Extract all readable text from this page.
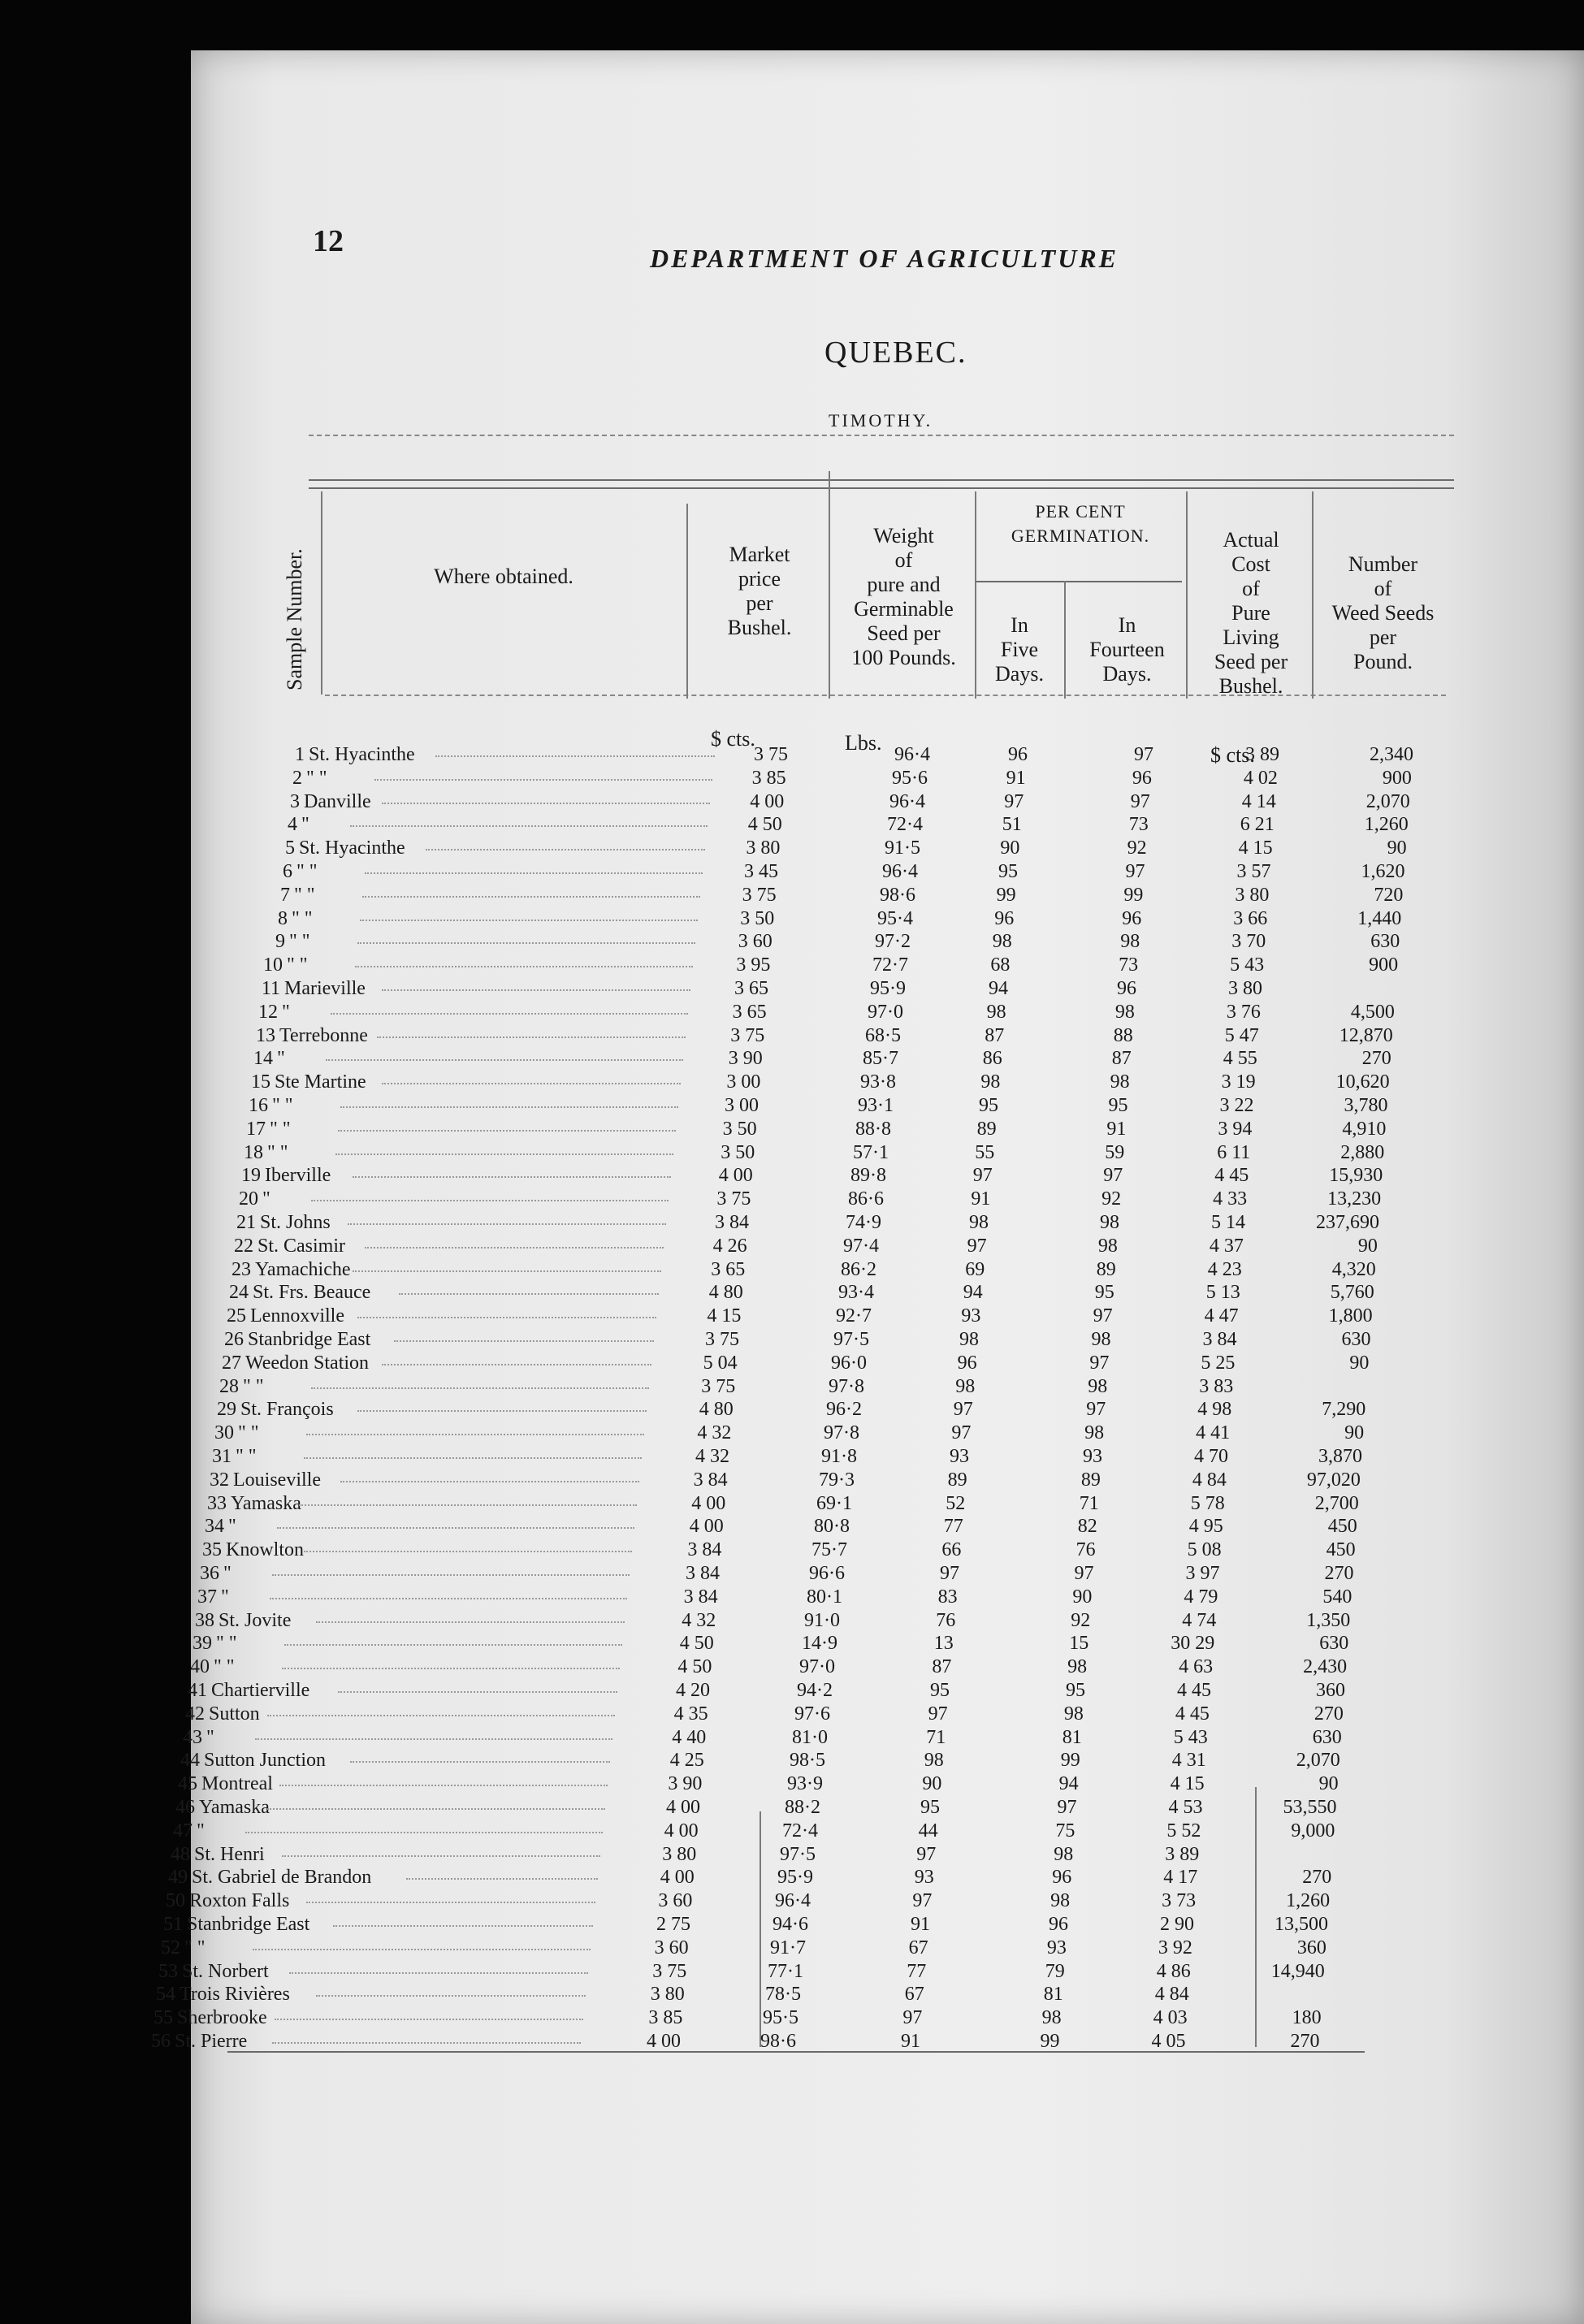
12	DEPARTMENT OF AGRICULTURE
QUEBEC.
TIMOTHY.
Sample Number.	Where obtained.
Market
price
per
Bushel.
Weight
of
pure and
Germinable
Seed per
100 Pounds.
PER CENT
GERMINATION.
In
Five
Days.
In
Fourteen
Days.
Actual
Cost
of
Pure
Living
Seed per
Bushel.
Number
of
Weed Seeds
per
Pound.
$ cts.	Lbs.
$ cts.
1 St. Hyacinthe	3 75	96·4	96	97	3 89	2,340
2 " "	3 85	95·6	91	96	4 02	900
3 Danville	4 00	96·4	97	97	4 14	2,070
4 "	4 50	72·4	51	73	6 21	1,260
5 St. Hyacinthe	3 80	91·5	90	92	4 15	90
6 " "	3 45	96·4	95	97	3 57	1,620
7 " "	3 75	98·6	99	99	3 80	720
8 " "	3 50	95·4	96	96	3 66	1,440
9 " "	3 60	97·2	98	98	3 70	630
10 " "	3 95	72·7	68	73	5 43	900
11 Marieville	3 65	95·9	94	96	3 80
12 "	3 65	97·0	98	98	3 76	4,500
13 Terrebonne	3 75	68·5	87	88	5 47	12,870
14 "	3 90	85·7	86	87	4 55	270
15 Ste Martine	3 00	93·8	98	98	3 19	10,620
16 " "	3 00	93·1	95	95	3 22	3,780
17 " "	3 50	88·8	89	91	3 94	4,910
18 " "	3 50	57·1	55	59	6 11	2,880
19 Iberville	4 00	89·8	97	97	4 45	15,930
20 "	3 75	86·6	91	92	4 33	13,230
21 St. Johns	3 84	74·9	98	98	5 14	237,690
22 St. Casimir	4 26	97·4	97	98	4 37	90
23 Yamachiche	3 65	86·2	69	89	4 23	4,320
24 St. Frs. Beauce	4 80	93·4	94	95	5 13	5,760
25 Lennoxville	4 15	92·7	93	97	4 47	1,800
26 Stanbridge East	3 75	97·5	98	98	3 84	630
27 Weedon Station	5 04	96·0	96	97	5 25	90
28 " "	3 75	97·8	98	98	3 83
29 St. François	4 80	96·2	97	97	4 98	7,290
30 " "	4 32	97·8	97	98	4 41	90
31 " "	4 32	91·8	93	93	4 70	3,870
32 Louiseville	3 84	79·3	89	89	4 84	97,020
33 Yamaska	4 00	69·1	52	71	5 78	2,700
34 "	4 00	80·8	77	82	4 95	450
35 Knowlton	3 84	75·7	66	76	5 08	450
36 "	3 84	96·6	97	97	3 97	270
37 "	3 84	80·1	83	90	4 79	540
38 St. Jovite	4 32	91·0	76	92	4 74	1,350
39 " "	4 50	14·9	13	15	30 29	630
40 " "	4 50	97·0	87	98	4 63	2,430
41 Chartierville	4 20	94·2	95	95	4 45	360
42 Sutton	4 35	97·6	97	98	4 45	270
43 "	4 40	81·0	71	81	5 43	630
44 Sutton Junction	4 25	98·5	98	99	4 31	2,070
45 Montreal	3 90	93·9	90	94	4 15	90
46 Yamaska	4 00	88·2	95	97	4 53	53,550
47 "	4 00	72·4	44	75	5 52	9,000
48 St. Henri	3 80	97·5	97	98	3 89
49 St. Gabriel de Brandon	4 00	95·9	93	96	4 17	270
50 Roxton Falls	3 60	96·4	97	98	3 73	1,260
51 Stanbridge East	2 75	94·6	91	96	2 90	13,500
52 " "	3 60	91·7	67	93	3 92	360
53 St. Norbert	3 75	77·1	77	79	4 86	14,940
54 Trois Rivières	3 80	78·5	67	81	4 84
55 Sherbrooke	3 85	95·5	97	98	4 03	180
56 St. Pierre	4 00	98·6	91	99	4 05	270
